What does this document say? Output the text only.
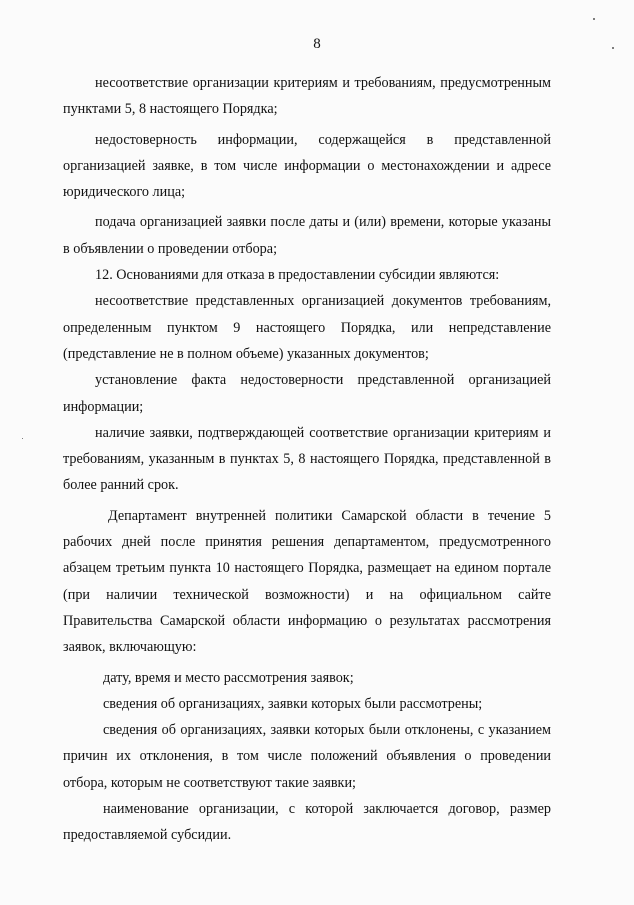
8

несоответствие организации критериям и требованиям, предусмотренным пунктами 5, 8 настоящего Порядка;

недостоверность информации, содержащейся в представленной организацией заявке, в том числе информации о местонахождении и адресе юридического лица;

подача организацией заявки после даты и (или) времени, которые указаны в объявлении о проведении отбора;

12. Основаниями для отказа в предоставлении субсидии являются:

несоответствие представленных организацией документов требованиям, определенным пунктом 9 настоящего Порядка, или непредставление (представление не в полном объеме) указанных документов;

установление факта недостоверности представленной организацией информации;

наличие заявки, подтверждающей соответствие организации критериям и требованиям, указанным в пунктах 5, 8 настоящего Порядка, представленной в более ранний срок.

Департамент внутренней политики Самарской области в течение 5 рабочих дней после принятия решения департаментом, предусмотренного абзацем третьим пункта 10 настоящего Порядка, размещает на едином портале (при наличии технической возможности) и на официальном сайте Правительства Самарской области информацию о результатах рассмотрения заявок, включающую:

дату, время и место рассмотрения заявок;

сведения об организациях, заявки которых были рассмотрены;

сведения об организациях, заявки которых были отклонены, с указанием причин их отклонения, в том числе положений объявления о проведении отбора, которым не соответствуют такие заявки;

наименование организации, с которой заключается договор, размер предоставляемой субсидии.
